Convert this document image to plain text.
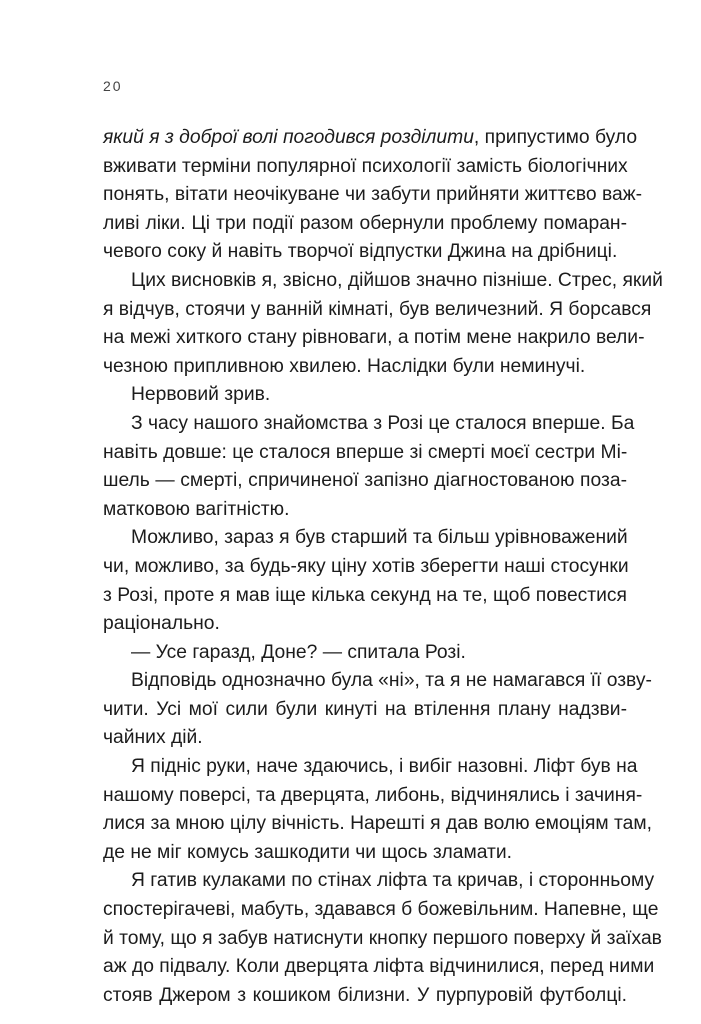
20
який я з доброї волі погодився розділити, припустимо було
вживати терміни популярної психології замість біологічних
понять, вітати неочікуване чи забути прийняти життєво важ-
ливі ліки. Ці три події разом обернули проблему помаран-
чевого соку й навіть творчої відпустки Джина на дрібниці.
Цих висновків я, звісно, дійшов значно пізніше. Стрес, який
я відчув, стоячи у ванній кімнаті, був величезний. Я борсався
на межі хиткого стану рівноваги, а потім мене накрило вели-
чезною припливною хвилею. Наслідки були неминучі.
Нервовий зрив.
З часу нашого знайомства з Розі це сталося вперше. Ба
навіть довше: це сталося вперше зі смерті моєї сестри Мі-
шель — смерті, спричиненої запізно діагностованою поза-
матковою вагітністю.
Можливо, зараз я був старший та більш урівноважений
чи, можливо, за будь-яку ціну хотів зберегти наші стосунки
з Розі, проте я мав іще кілька секунд на те, щоб повестися
раціонально.
— Усе гаразд, Доне? — спитала Розі.
Відповідь однозначно була «ні», та я не намагався її озву-
чити. Усі мої сили були кинуті на втілення плану надзви-
чайних дій.
Я підніс руки, наче здаючись, і вибіг назовні. Ліфт був на
нашому поверсі, та дверцята, либонь, відчинялись і зачиня-
лися за мною цілу вічність. Нарешті я дав волю емоціям там,
де не міг комусь зашкодити чи щось зламати.
Я гатив кулаками по стінах ліфта та кричав, і сторонньому
спостерігачеві, мабуть, здавався б божевільним. Напевне, ще
й тому, що я забув натиснути кнопку першого поверху й заїхав
аж до підвалу. Коли дверцята ліфта відчинилися, перед ними
стояв Джером з кошиком білизни. У пурпуровій футболці.
